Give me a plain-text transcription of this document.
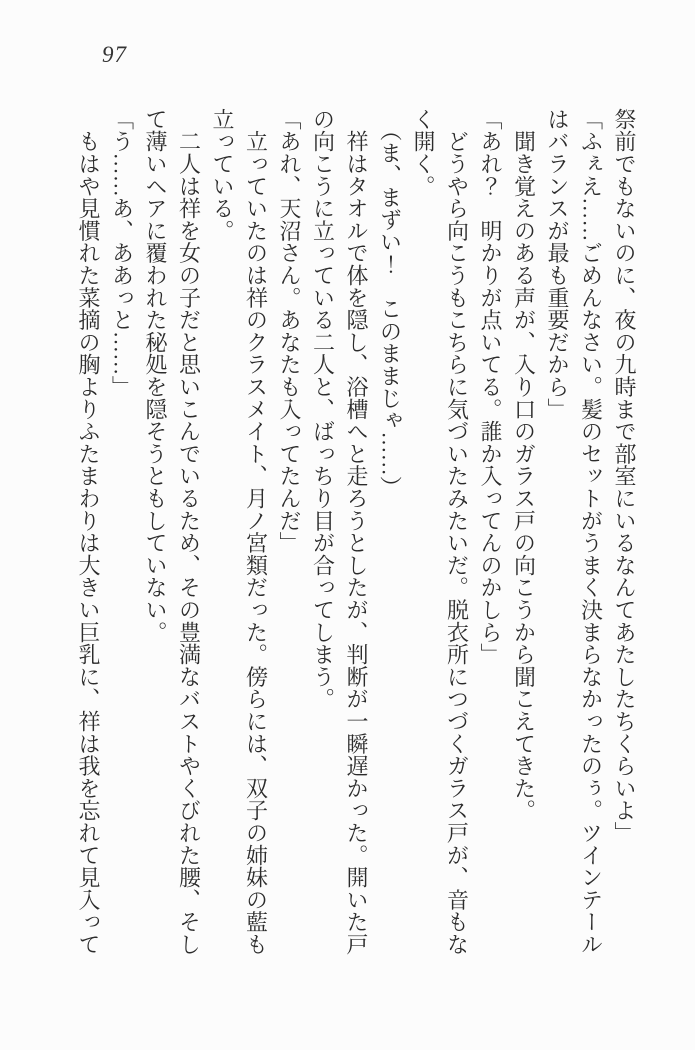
97

祭前でもないのに、夜の九時まで部室にいるなんてあたしたちくらいよ」

「ふぇえ……ごめんなさい。髪のセットがうまく決まらなかったのぅ。ツインテール

はバランスが最も重要だから」

　聞き覚えのある声が、入り口のガラス戸の向こうから聞こえてきた。

「あれ？　明かりが点いてる。誰か入ってんのかしら」

　どうやら向こうもこちらに気づいたみたいだ。脱衣所につづくガラス戸が、音もな

く開く。

　（ま、まずい！　このままじゃ……）

　祥はタオルで体を隠し、浴槽へと走ろうとしたが、判断が一瞬遅かった。開いた戸

の向こうに立っている二人と、ばっちり目が合ってしまう。

「あれ、天沼さん。あなたも入ってたんだ」

　立っていたのは祥のクラスメイト、月ノ宮類だった。傍らには、双子の姉妹の藍も

立っている。

　二人は祥を女の子だと思いこんでいるため、その豊満なバストやくびれた腰、そし

て薄いヘアに覆われた秘処を隠そうともしていない。

「う……あ、ああっと……」

　もはや見慣れた菜摘の胸よりふたまわりは大きい巨乳に、祥は我を忘れて見入って
